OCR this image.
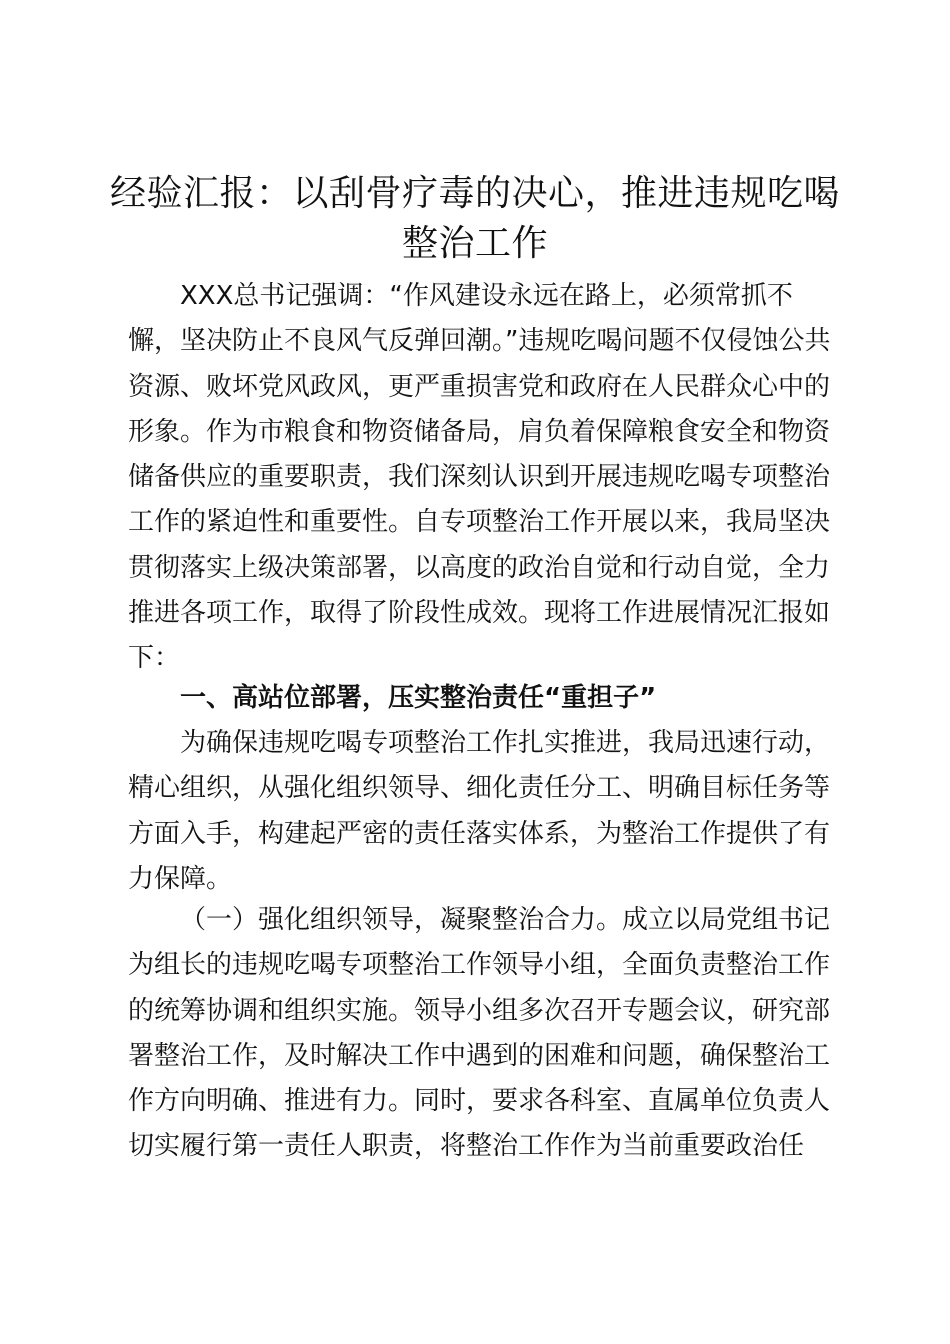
经验汇报：以刮骨疗毒的决心，推进违规吃喝
整治工作
XXX总书记强调：“作风建设永远在路上，必须常抓不
懈，坚决防止不良风气反弹回潮。”违规吃喝问题不仅侵蚀公共
资源、败坏党风政风，更严重损害党和政府在人民群众心中的
形象。作为市粮食和物资储备局，肩负着保障粮食安全和物资
储备供应的重要职责，我们深刻认识到开展违规吃喝专项整治
工作的紧迫性和重要性。自专项整治工作开展以来，我局坚决
贯彻落实上级决策部署，以高度的政治自觉和行动自觉，全力
推进各项工作，取得了阶段性成效。现将工作进展情况汇报如
下：
一、高站位部署，压实整治责任“重担子”
为确保违规吃喝专项整治工作扎实推进，我局迅速行动，
精心组织，从强化组织领导、细化责任分工、明确目标任务等
方面入手，构建起严密的责任落实体系，为整治工作提供了有
力保障。
（一）强化组织领导，凝聚整治合力。成立以局党组书记
为组长的违规吃喝专项整治工作领导小组，全面负责整治工作
的统筹协调和组织实施。领导小组多次召开专题会议，研究部
署整治工作，及时解决工作中遇到的困难和问题，确保整治工
作方向明确、推进有力。同时，要求各科室、直属单位负责人
切实履行第一责任人职责，将整治工作作为当前重要政治任
